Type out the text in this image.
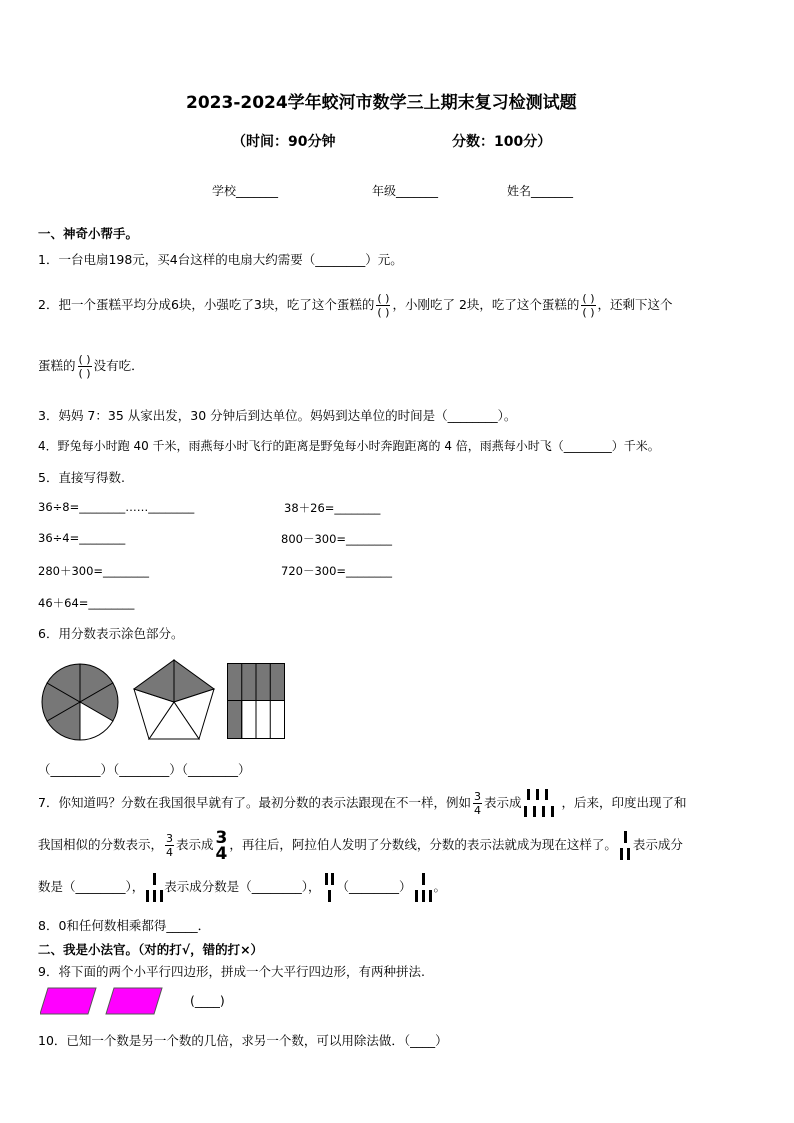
2023-2024学年蛟河市数学三上期末复习检测试题
（时间：90分钟	分数：100分）
学校_______	年级_______	姓名_______
一、神奇小帮手。
1．一台电扇198元，买4台这样的电扇大约需要（________）元。
2．把一个蛋糕平均分成6块，小强吃了3块，吃了这个蛋糕的 $\frac{( )}{( )}$ ，小刚吃了 2块，吃了这个蛋糕的 $\frac{( )}{( )}$ ，还剩下这个
蛋糕的 $\frac{( )}{( )}$ 没有吃．
3．妈妈 7：35 从家出发，30 分钟后到达单位。妈妈到达单位的时间是（________）。
4．野兔每小时跑 40 千米，雨燕每小时飞行的距离是野兔每小时奔跑距离的 4 倍，雨燕每小时飞（________）千米。
5．直接写得数.
36÷8=________……________	38＋26=________
36÷4=________	800－300=________
280＋300=________	720－300=________
46＋64=________
6．用分数表示涂色部分。
（________）（________）（________）
7．你知道吗？分数在我国很早就有了。最初分数的表示法跟现在不一样，例如 $\frac{3}{4}$ 表示成	，后来，印度出现了和
我国相似的分数表示， $\frac{3}{4}$ 表示成 3
4 ，再往后，阿拉伯人发明了分数线，分数的表示法就成为现在这样了。 表示成分
数是（________）， 表示成分数是（________）， （________） 。
8．0和任何数相乘都得_____．
二、我是小法官。（对的打√，错的打×）
9．将下面的两个小平行四边形，拼成一个大平行四边形，有两种拼法.
(____)
10．已知一个数是另一个数的几倍，求另一个数，可以用除法做．（____）
